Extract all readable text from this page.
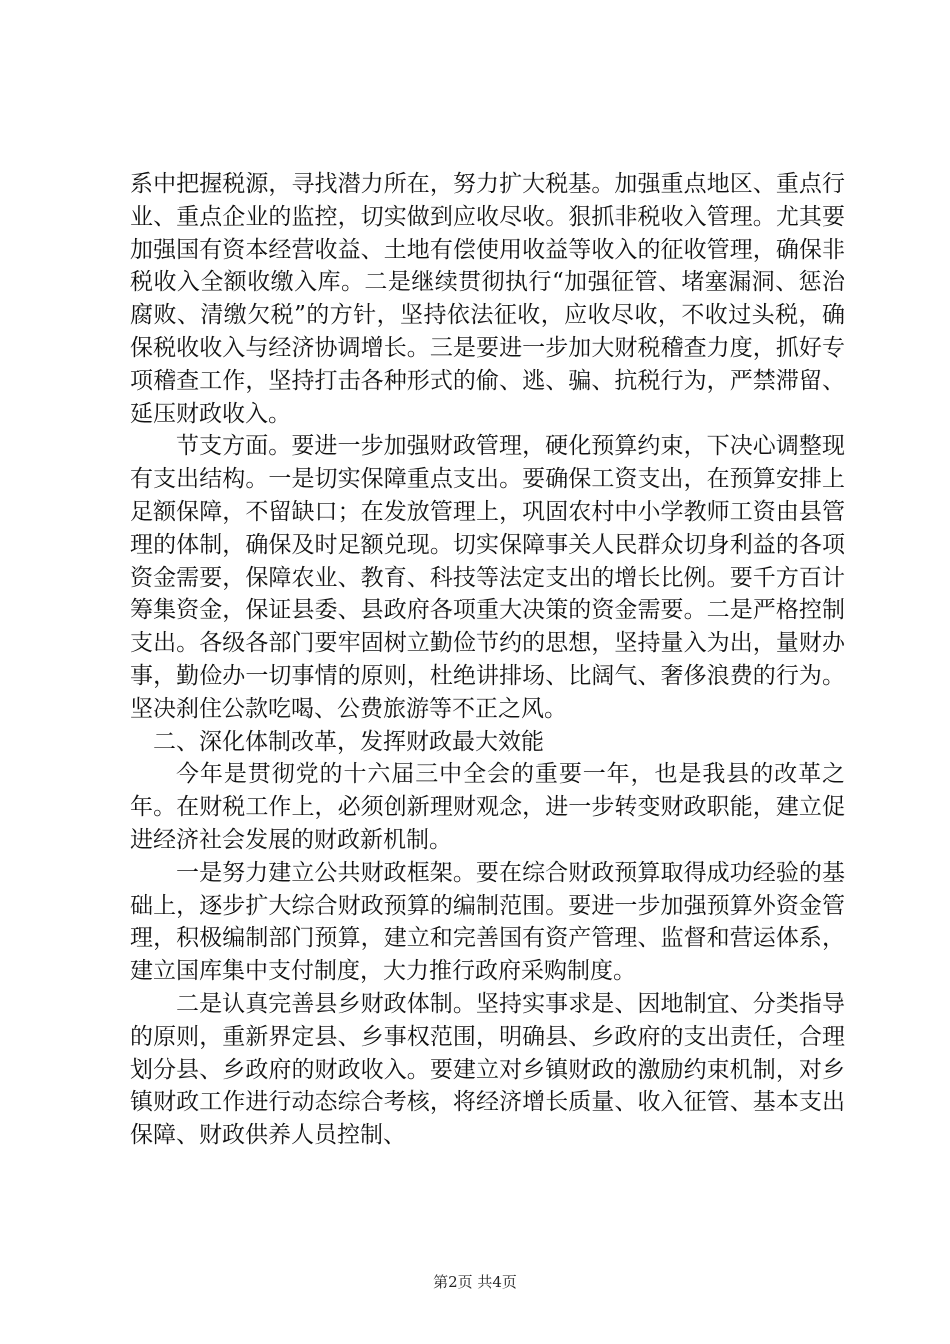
系中把握税源，寻找潜力所在，努力扩大税基。加强重点地区、重点行业、重点企业的监控，切实做到应收尽收。狠抓非税收入管理。尤其要加强国有资本经营收益、土地有偿使用收益等收入的征收管理，确保非税收入全额收缴入库。二是继续贯彻执行“加强征管、堵塞漏洞、惩治腐败、清缴欠税”的方针，坚持依法征收，应收尽收，不收过头税，确保税收收入与经济协调增长。三是要进一步加大财税稽查力度，抓好专项稽查工作，坚持打击各种形式的偷、逃、骗、抗税行为，严禁滞留、延压财政收入。

节支方面。要进一步加强财政管理，硬化预算约束，下决心调整现有支出结构。一是切实保障重点支出。要确保工资支出，在预算安排上足额保障，不留缺口；在发放管理上，巩固农村中小学教师工资由县管理的体制，确保及时足额兑现。切实保障事关人民群众切身利益的各项资金需要，保障农业、教育、科技等法定支出的增长比例。要千方百计筹集资金，保证县委、县政府各项重大决策的资金需要。二是严格控制支出。各级各部门要牢固树立勤俭节约的思想，坚持量入为出，量财办事，勤俭办一切事情的原则，杜绝讲排场、比阔气、奢侈浪费的行为。坚决刹住公款吃喝、公费旅游等不正之风。

二、深化体制改革，发挥财政最大效能

今年是贯彻党的十六届三中全会的重要一年，也是我县的改革之年。在财税工作上，必须创新理财观念，进一步转变财政职能，建立促进经济社会发展的财政新机制。

一是努力建立公共财政框架。要在综合财政预算取得成功经验的基础上，逐步扩大综合财政预算的编制范围。要进一步加强预算外资金管理，积极编制部门预算，建立和完善国有资产管理、监督和营运体系，建立国库集中支付制度，大力推行政府采购制度。

二是认真完善县乡财政体制。坚持实事求是、因地制宜、分类指导的原则，重新界定县、乡事权范围，明确县、乡政府的支出责任，合理划分县、乡政府的财政收入。要建立对乡镇财政的激励约束机制，对乡镇财政工作进行动态综合考核，将经济增长质量、收入征管、基本支出保障、财政供养人员控制、

第2页 共4页
